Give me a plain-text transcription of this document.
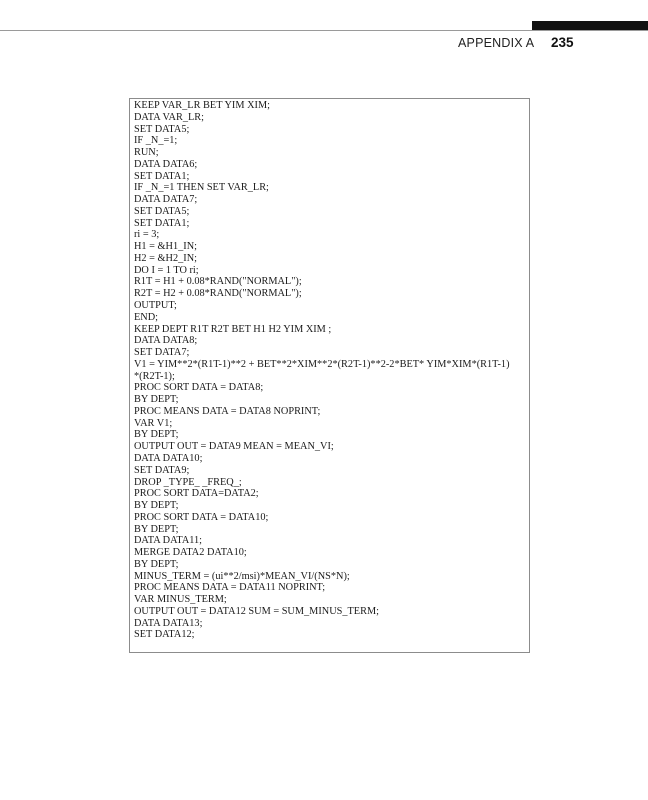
APPENDIX A 235
KEEP VAR_LR BET YIM XIM;
DATA VAR_LR;
SET DATA5;
IF _N_=1;
RUN;
DATA DATA6;
SET DATA1;
IF _N_=1 THEN SET VAR_LR;
DATA DATA7;
SET DATA5;
SET DATA1;
ri = 3;
H1 = &H1_IN;
H2 = &H2_IN;
DO I = 1 TO ri;
R1T = H1 + 0.08*RAND("NORMAL");
R2T = H2 + 0.08*RAND("NORMAL");
OUTPUT;
END;
KEEP DEPT R1T R2T BET H1 H2 YIM XIM ;
DATA DATA8;
SET DATA7;
V1 = YIM**2*(R1T-1)**2 + BET**2*XIM**2*(R2T-1)**2-2*BET* YIM*XIM*(R1T-1)
*(R2T-1);
PROC SORT DATA = DATA8;
BY DEPT;
PROC MEANS DATA = DATA8 NOPRINT;
VAR V1;
BY DEPT;
OUTPUT OUT = DATA9 MEAN = MEAN_VI;
DATA DATA10;
SET DATA9;
DROP _TYPE_ _FREQ_;
PROC SORT DATA=DATA2;
BY DEPT;
PROC SORT DATA = DATA10;
BY DEPT;
DATA DATA11;
MERGE DATA2 DATA10;
BY DEPT;
MINUS_TERM = (ui**2/msi)*MEAN_VI/(NS*N);
PROC MEANS DATA = DATA11 NOPRINT;
VAR MINUS_TERM;
OUTPUT OUT = DATA12 SUM = SUM_MINUS_TERM;
DATA DATA13;
SET DATA12;
